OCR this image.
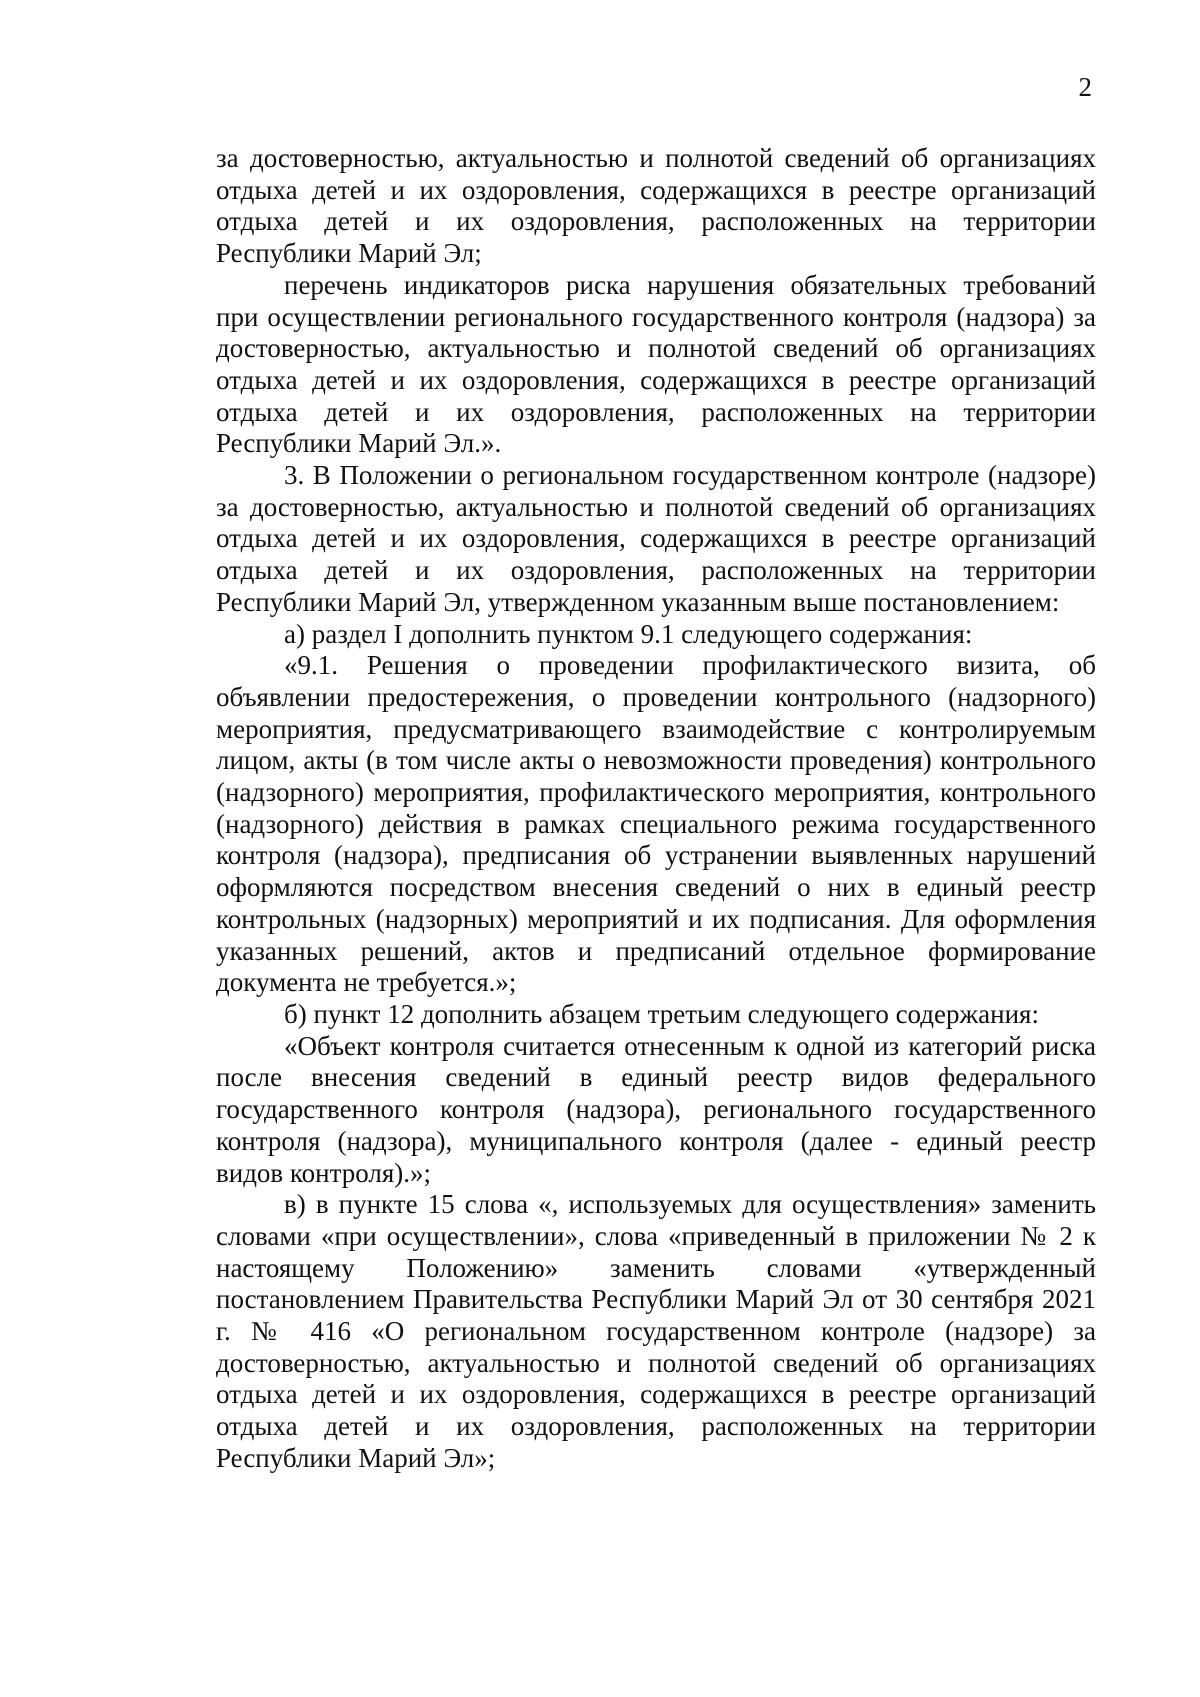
2

за достоверностью, актуальностью и полнотой сведений об организациях отдыха детей и их оздоровления, содержащихся в реестре организаций отдыха детей и их оздоровления, расположенных на территории Республики Марий Эл;

перечень индикаторов риска нарушения обязательных требований при осуществлении регионального государственного контроля (надзора) за достоверностью, актуальностью и полнотой сведений об организациях отдыха детей и их оздоровления, содержащихся в реестре организаций отдыха детей и их оздоровления, расположенных на территории Республики Марий Эл.».

3. В Положении о региональном государственном контроле (надзоре) за достоверностью, актуальностью и полнотой сведений об организациях отдыха детей и их оздоровления, содержащихся в реестре организаций отдыха детей и их оздоровления, расположенных на территории Республики Марий Эл, утвержденном указанным выше постановлением:

а) раздел I дополнить пунктом 9.1 следующего содержания:

«9.1. Решения о проведении профилактического визита, об объявлении предостережения, о проведении контрольного (надзорного) мероприятия, предусматривающего взаимодействие с контролируемым лицом, акты (в том числе акты о невозможности проведения) контрольного (надзорного) мероприятия, профилактического мероприятия, контрольного (надзорного) действия в рамках специального режима государственного контроля (надзора), предписания об устранении выявленных нарушений оформляются посредством внесения сведений о них в единый реестр контрольных (надзорных) мероприятий и их подписания. Для оформления указанных решений, актов и предписаний отдельное формирование документа не требуется.»;

б) пункт 12 дополнить абзацем третьим следующего содержания:

«Объект контроля считается отнесенным к одной из категорий риска после внесения сведений в единый реестр видов федерального государственного контроля (надзора), регионального государственного контроля (надзора), муниципального контроля (далее - единый реестр видов контроля).»;

в) в пункте 15 слова «, используемых для осуществления» заменить словами «при осуществлении», слова «приведенный в приложении № 2 к настоящему Положению» заменить словами «утвержденный постановлением Правительства Республики Марий Эл от 30 сентября 2021 г. № 416 «О региональном государственном контроле (надзоре) за достоверностью, актуальностью и полнотой сведений об организациях отдыха детей и их оздоровления, содержащихся в реестре организаций отдыха детей и их оздоровления, расположенных на территории Республики Марий Эл»;
